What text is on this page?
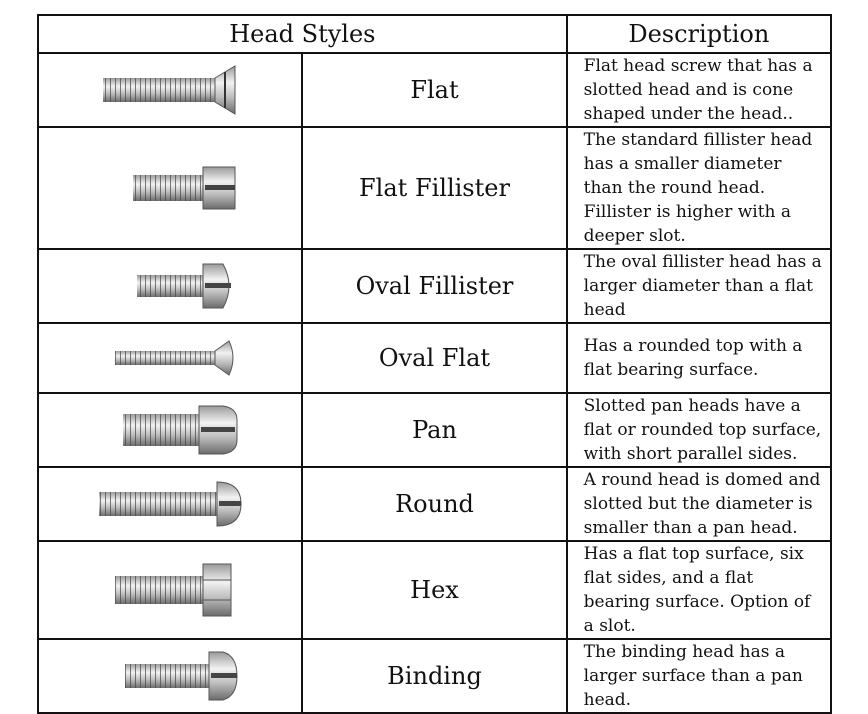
Head Styles		Description

	Flat	Flat head screw that has a slotted head and is cone shaped under the head..

	Flat Fillister	The standard fillister head has a smaller diameter than the round head. Fillister is higher with a deeper slot.

	Oval Fillister	The oval fillister head has a larger diameter than a flat head

	Oval Flat	Has a rounded top with a flat bearing surface.

	Pan	Slotted pan heads have a flat or rounded top surface, with short parallel sides.

	Round	A round head is domed and slotted but the diameter is smaller than a pan head.

	Hex	Has a flat top surface, six flat sides, and a flat bearing surface. Option of a slot.

	Binding	The binding head has a larger surface than a pan head.
